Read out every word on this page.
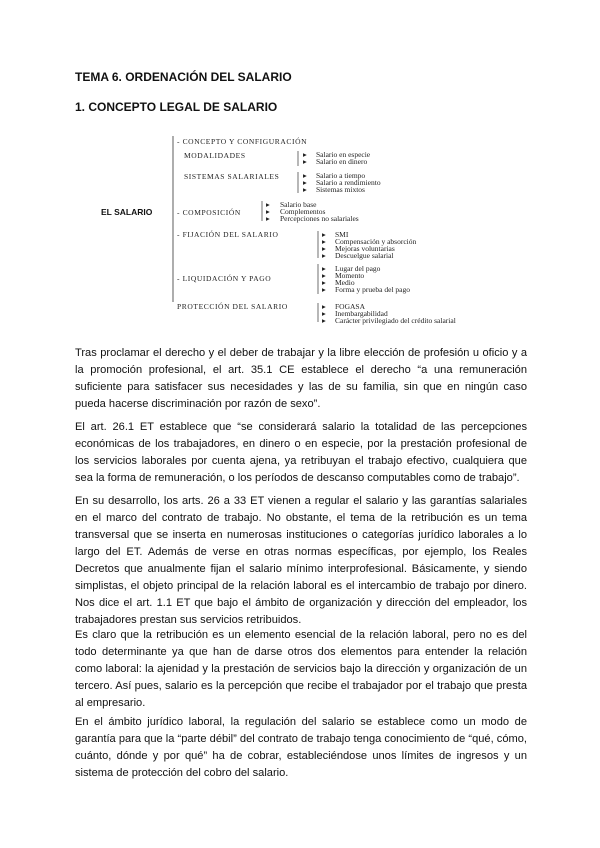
TEMA 6. ORDENACIÓN DEL SALARIO
1. CONCEPTO LEGAL DE SALARIO
EL SALARIO
- CONCEPTO Y CONFIGURACIÓN
MODALIDADES	▸ Salario en especie
▸ Salario en dinero
SISTEMAS SALARIALES	▸ Salario a tiempo
▸ Salario a rendimiento
▸ Sistemas mixtos
- COMPOSICIÓN
▸ Salario base
▸ Complementos
▸ Percepciones no salariales
- FIJACIÓN DEL SALARIO	▸ SMI
▸ Compensación y absorción
▸ Mejoras voluntarias
▸ Descuelgue salarial
- LIQUIDACIÓN Y PAGO
▸ Lugar del pago
▸ Momento
▸ Medio
▸ Forma y prueba del pago
PROTECCIÓN DEL SALARIO	▸ FOGASA
▸ Inembargabilidad
▸ Carácter privilegiado del crédito salarial

Tras proclamar el derecho y el deber de trabajar y la libre elección de profesión u oficio y a la promoción profesional, el art. 35.1 CE establece el derecho “a una remuneración suficiente para satisfacer sus necesidades y las de su familia, sin que en ningún caso pueda hacerse discriminación por razón de sexo”.

El art. 26.1 ET establece que “se considerará salario la totalidad de las percepciones económicas de los trabajadores, en dinero o en especie, por la prestación profesional de los servicios laborales por cuenta ajena, ya retribuyan el trabajo efectivo, cualquiera que sea la forma de remuneración, o los períodos de descanso computables como de trabajo”.

En su desarrollo, los arts. 26 a 33 ET vienen a regular el salario y las garantías salariales en el marco del contrato de trabajo. No obstante, el tema de la retribución es un tema transversal que se inserta en numerosas instituciones o categorías jurídico laborales a lo largo del ET. Además de verse en otras normas específicas, por ejemplo, los Reales Decretos que anualmente fijan el salario mínimo interprofesional. Básicamente, y siendo simplistas, el objeto principal de la relación laboral es el intercambio de trabajo por dinero. Nos dice el art. 1.1 ET que bajo el ámbito de organización y dirección del empleador, los trabajadores prestan sus servicios retribuidos.

Es claro que la retribución es un elemento esencial de la relación laboral, pero no es del todo determinante ya que han de darse otros dos elementos para entender la relación como laboral: la ajenidad y la prestación de servicios bajo la dirección y organización de un tercero. Así pues, salario es la percepción que recibe el trabajador por el trabajo que presta al empresario.

En el ámbito jurídico laboral, la regulación del salario se establece como un modo de garantía para que la “parte débil” del contrato de trabajo tenga conocimiento de “qué, cómo, cuánto, dónde y por qué” ha de cobrar, estableciéndose unos límites de ingresos y un sistema de protección del cobro del salario.
